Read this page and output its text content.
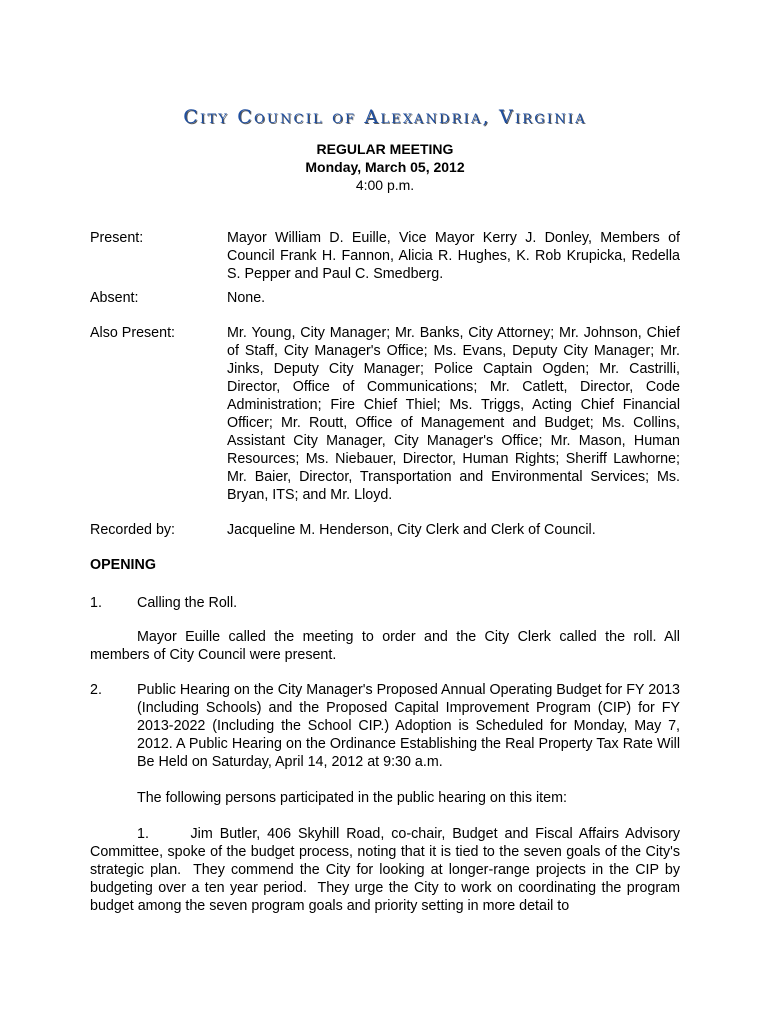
City Council of Alexandria, Virginia
REGULAR MEETING
Monday, March 05, 2012
4:00 p.m.
Present:	Mayor William D. Euille, Vice Mayor Kerry J. Donley, Members of Council Frank H. Fannon, Alicia R. Hughes, K. Rob Krupicka, Redella S. Pepper and Paul C. Smedberg.
Absent:	None.
Also Present:	Mr. Young, City Manager; Mr. Banks, City Attorney; Mr. Johnson, Chief of Staff, City Manager's Office; Ms. Evans, Deputy City Manager; Mr. Jinks, Deputy City Manager; Police Captain Ogden; Mr. Castrilli, Director, Office of Communications; Mr. Catlett, Director, Code Administration; Fire Chief Thiel; Ms. Triggs, Acting Chief Financial Officer; Mr. Routt, Office of Management and Budget; Ms. Collins, Assistant City Manager, City Manager's Office; Mr. Mason, Human Resources; Ms. Niebauer, Director, Human Rights; Sheriff Lawhorne; Mr. Baier, Director, Transportation and Environmental Services; Ms. Bryan, ITS; and Mr. Lloyd.
Recorded by:	Jacqueline M. Henderson, City Clerk and Clerk of Council.
OPENING
1. Calling the Roll.
Mayor Euille called the meeting to order and the City Clerk called the roll. All members of City Council were present.
2. Public Hearing on the City Manager's Proposed Annual Operating Budget for FY 2013 (Including Schools) and the Proposed Capital Improvement Program (CIP) for FY 2013-2022 (Including the School CIP.) Adoption is Scheduled for Monday, May 7, 2012. A Public Hearing on the Ordinance Establishing the Real Property Tax Rate Will Be Held on Saturday, April 14, 2012 at 9:30 a.m.
The following persons participated in the public hearing on this item:
1.      Jim Butler, 406 Skyhill Road, co-chair, Budget and Fiscal Affairs Advisory Committee, spoke of the budget process, noting that it is tied to the seven goals of the City's strategic plan.  They commend the City for looking at longer-range projects in the CIP by budgeting over a ten year period.  They urge the City to work on coordinating the program budget among the seven program goals and priority setting in more detail to
